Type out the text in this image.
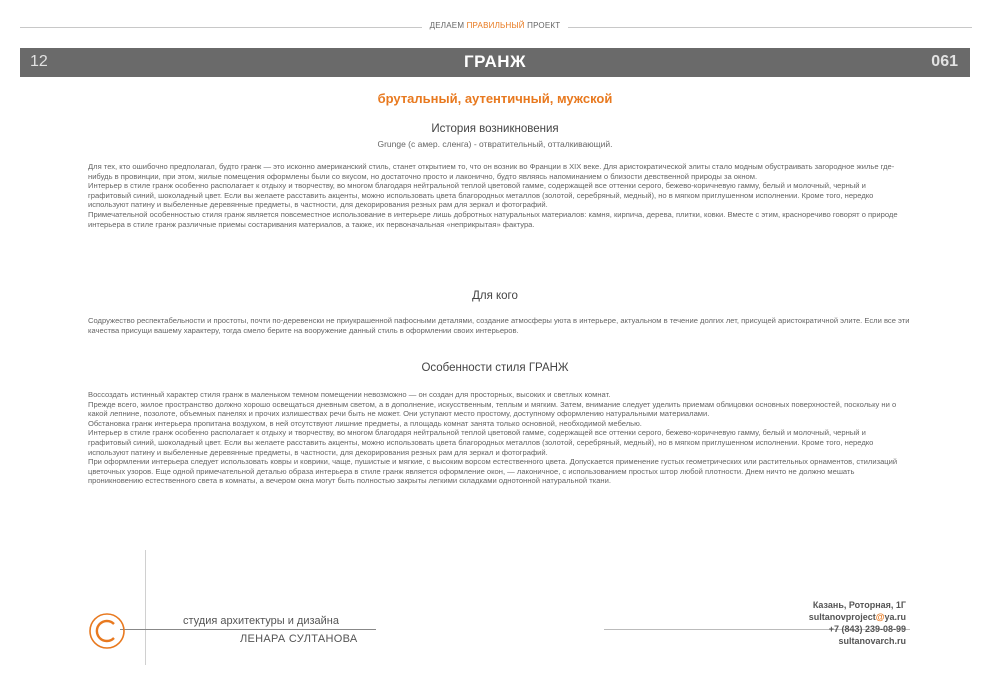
ДЕЛАЕМ ПРАВИЛЬНЫЙ ПРОЕКТ
12	ГРАНЖ	061
брутальный, аутентичный, мужской
История возникновения
Grunge (с амер. сленга) - отвратительный, отталкивающий.

Для тех, кто ошибочно предполагал, будто гранж — это исконно американский стиль, станет открытием то, что он возник во Франции в XIX веке. Для аристократической элиты стало модным обустраивать загородное жилье где-нибудь в провинции, при этом, жилые помещения оформлены были со вкусом, но достаточно просто и лаконично, будто являясь напоминанием о близости девственной природы за окном.

Интерьер в стиле гранж особенно располагает к отдыху и творчеству, во многом благодаря нейтральной теплой цветовой гамме, содержащей все оттенки серого, бежево-коричневую гамму, белый и молочный, черный и графитовый синий, шоколадный цвет. Если вы желаете расставить акценты, можно использовать цвета благородных металлов (золотой, серебряный, медный), но в мягком приглушенном исполнении. Кроме того, нередко используют патину и выбеленные деревянные предметы, в частности, для декорирования резных рам для зеркал и фотографий.

Примечательной особенностью стиля гранж является повсеместное использование в интерьере лишь добротных натуральных материалов: камня, кирпича, дерева, плитки, ковки. Вместе с этим, красноречиво говорят о природе интерьера в стиле гранж различные приемы состаривания материалов, а также, их первоначальная «неприкрытая» фактура.

Для кого

Содружество респектабельности и простоты, почти по-деревенски не приукрашенной пафосными деталями, создание атмосферы уюта в интерьере, актуальном в течение долгих лет, присущей аристократичной элите. Если все эти качества присущи вашему характеру, тогда смело берите на вооружение данный стиль в оформлении своих интерьеров.

Особенности стиля ГРАНЖ

Воссоздать истинный характер стиля гранж в маленьком темном помещении невозможно — он создан для просторных, высоких и светлых комнат.

Прежде всего, жилое пространство должно хорошо освещаться дневным светом, а в дополнение, искусственным, теплым и мягким. Затем, внимание следует уделить приемам облицовки основных поверхностей, поскольку ни о какой лепнине, позолоте, объемных панелях и прочих излишествах речи быть не может. Они уступают место простому, доступному оформлению натуральными материалами.

Обстановка гранж интерьера пропитана воздухом, в ней отсутствуют лишние предметы, а площадь комнат занята только основной, необходимой мебелью.

Интерьер в стиле гранж особенно располагает к отдыху и творчеству, во многом благодаря нейтральной теплой цветовой гамме, содержащей все оттенки серого, бежево-коричневую гамму, белый и молочный, черный и графитовый синий, шоколадный цвет. Если вы желаете расставить акценты, можно использовать цвета благородных металлов (золотой, серебряный, медный), но в мягком приглушенном исполнении. Кроме того, нередко используют патину и выбеленные деревянные предметы, в частности, для декорирования резных рам для зеркал и фотографий.

При оформлении интерьера следует использовать ковры и коврики, чаще, пушистые и мягкие, с высоким ворсом естественного цвета. Допускается применение густых геометрических или растительных орнаментов, стилизаций цветочных узоров. Еще одной примечательной деталью образа интерьера в стиле гранж является оформление окон, — лаконичное, с использованием простых штор любой плотности. Днем ничто не должно мешать проникновению естественного света в комнаты, а вечером окна могут быть полностью закрыты легкими складками однотонной натуральной ткани.

студия архитектуры и дизайна
ЛЕНАРА СУЛТАНОВА
Казань, Роторная, 1Г
sultanovproject@ya.ru
+7 (843) 239-08-99
sultanovarch.ru
